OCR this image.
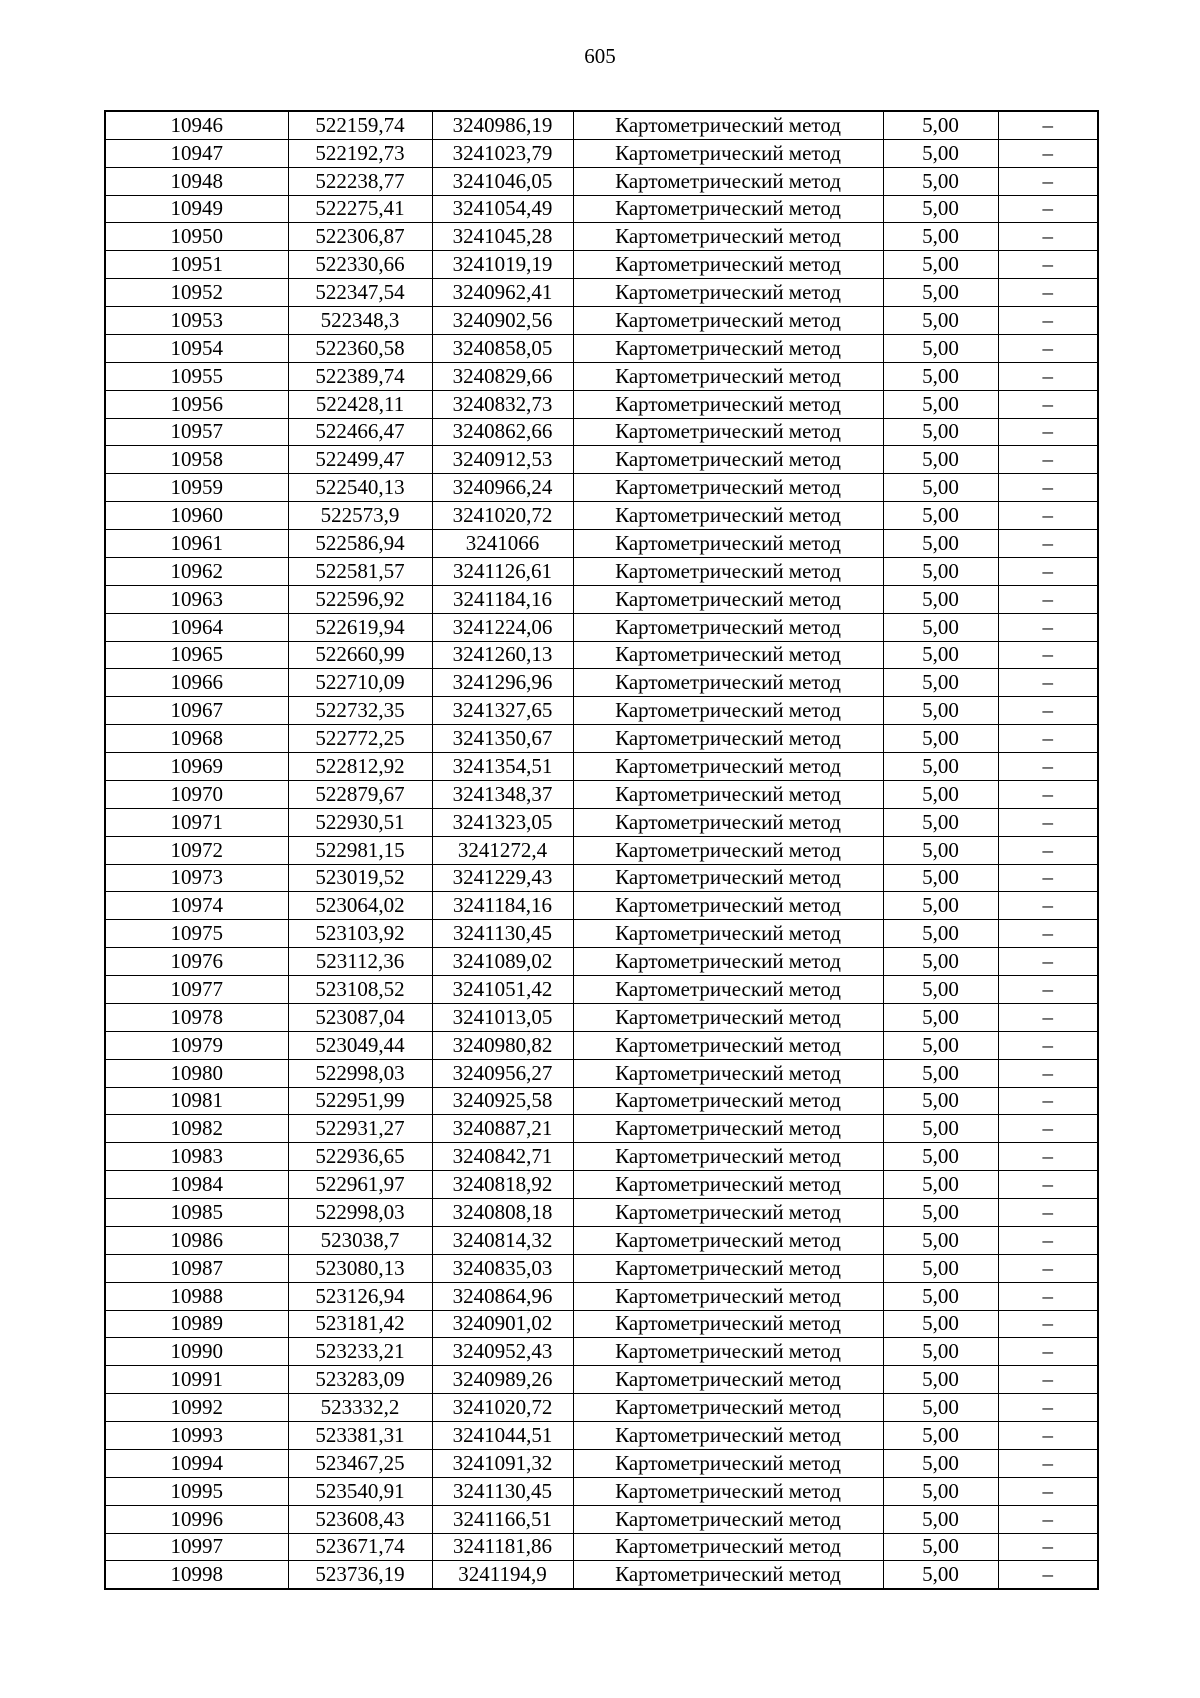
605
10946	522159,74	3240986,19	Картометрический метод	5,00	–
10947	522192,73	3241023,79	Картометрический метод	5,00	–
10948	522238,77	3241046,05	Картометрический метод	5,00	–
10949	522275,41	3241054,49	Картометрический метод	5,00	–
10950	522306,87	3241045,28	Картометрический метод	5,00	–
10951	522330,66	3241019,19	Картометрический метод	5,00	–
10952	522347,54	3240962,41	Картометрический метод	5,00	–
10953	522348,3	3240902,56	Картометрический метод	5,00	–
10954	522360,58	3240858,05	Картометрический метод	5,00	–
10955	522389,74	3240829,66	Картометрический метод	5,00	–
10956	522428,11	3240832,73	Картометрический метод	5,00	–
10957	522466,47	3240862,66	Картометрический метод	5,00	–
10958	522499,47	3240912,53	Картометрический метод	5,00	–
10959	522540,13	3240966,24	Картометрический метод	5,00	–
10960	522573,9	3241020,72	Картометрический метод	5,00	–
10961	522586,94	3241066	Картометрический метод	5,00	–
10962	522581,57	3241126,61	Картометрический метод	5,00	–
10963	522596,92	3241184,16	Картометрический метод	5,00	–
10964	522619,94	3241224,06	Картометрический метод	5,00	–
10965	522660,99	3241260,13	Картометрический метод	5,00	–
10966	522710,09	3241296,96	Картометрический метод	5,00	–
10967	522732,35	3241327,65	Картометрический метод	5,00	–
10968	522772,25	3241350,67	Картометрический метод	5,00	–
10969	522812,92	3241354,51	Картометрический метод	5,00	–
10970	522879,67	3241348,37	Картометрический метод	5,00	–
10971	522930,51	3241323,05	Картометрический метод	5,00	–
10972	522981,15	3241272,4	Картометрический метод	5,00	–
10973	523019,52	3241229,43	Картометрический метод	5,00	–
10974	523064,02	3241184,16	Картометрический метод	5,00	–
10975	523103,92	3241130,45	Картометрический метод	5,00	–
10976	523112,36	3241089,02	Картометрический метод	5,00	–
10977	523108,52	3241051,42	Картометрический метод	5,00	–
10978	523087,04	3241013,05	Картометрический метод	5,00	–
10979	523049,44	3240980,82	Картометрический метод	5,00	–
10980	522998,03	3240956,27	Картометрический метод	5,00	–
10981	522951,99	3240925,58	Картометрический метод	5,00	–
10982	522931,27	3240887,21	Картометрический метод	5,00	–
10983	522936,65	3240842,71	Картометрический метод	5,00	–
10984	522961,97	3240818,92	Картометрический метод	5,00	–
10985	522998,03	3240808,18	Картометрический метод	5,00	–
10986	523038,7	3240814,32	Картометрический метод	5,00	–
10987	523080,13	3240835,03	Картометрический метод	5,00	–
10988	523126,94	3240864,96	Картометрический метод	5,00	–
10989	523181,42	3240901,02	Картометрический метод	5,00	–
10990	523233,21	3240952,43	Картометрический метод	5,00	–
10991	523283,09	3240989,26	Картометрический метод	5,00	–
10992	523332,2	3241020,72	Картометрический метод	5,00	–
10993	523381,31	3241044,51	Картометрический метод	5,00	–
10994	523467,25	3241091,32	Картометрический метод	5,00	–
10995	523540,91	3241130,45	Картометрический метод	5,00	–
10996	523608,43	3241166,51	Картометрический метод	5,00	–
10997	523671,74	3241181,86	Картометрический метод	5,00	–
10998	523736,19	3241194,9	Картометрический метод	5,00	–
